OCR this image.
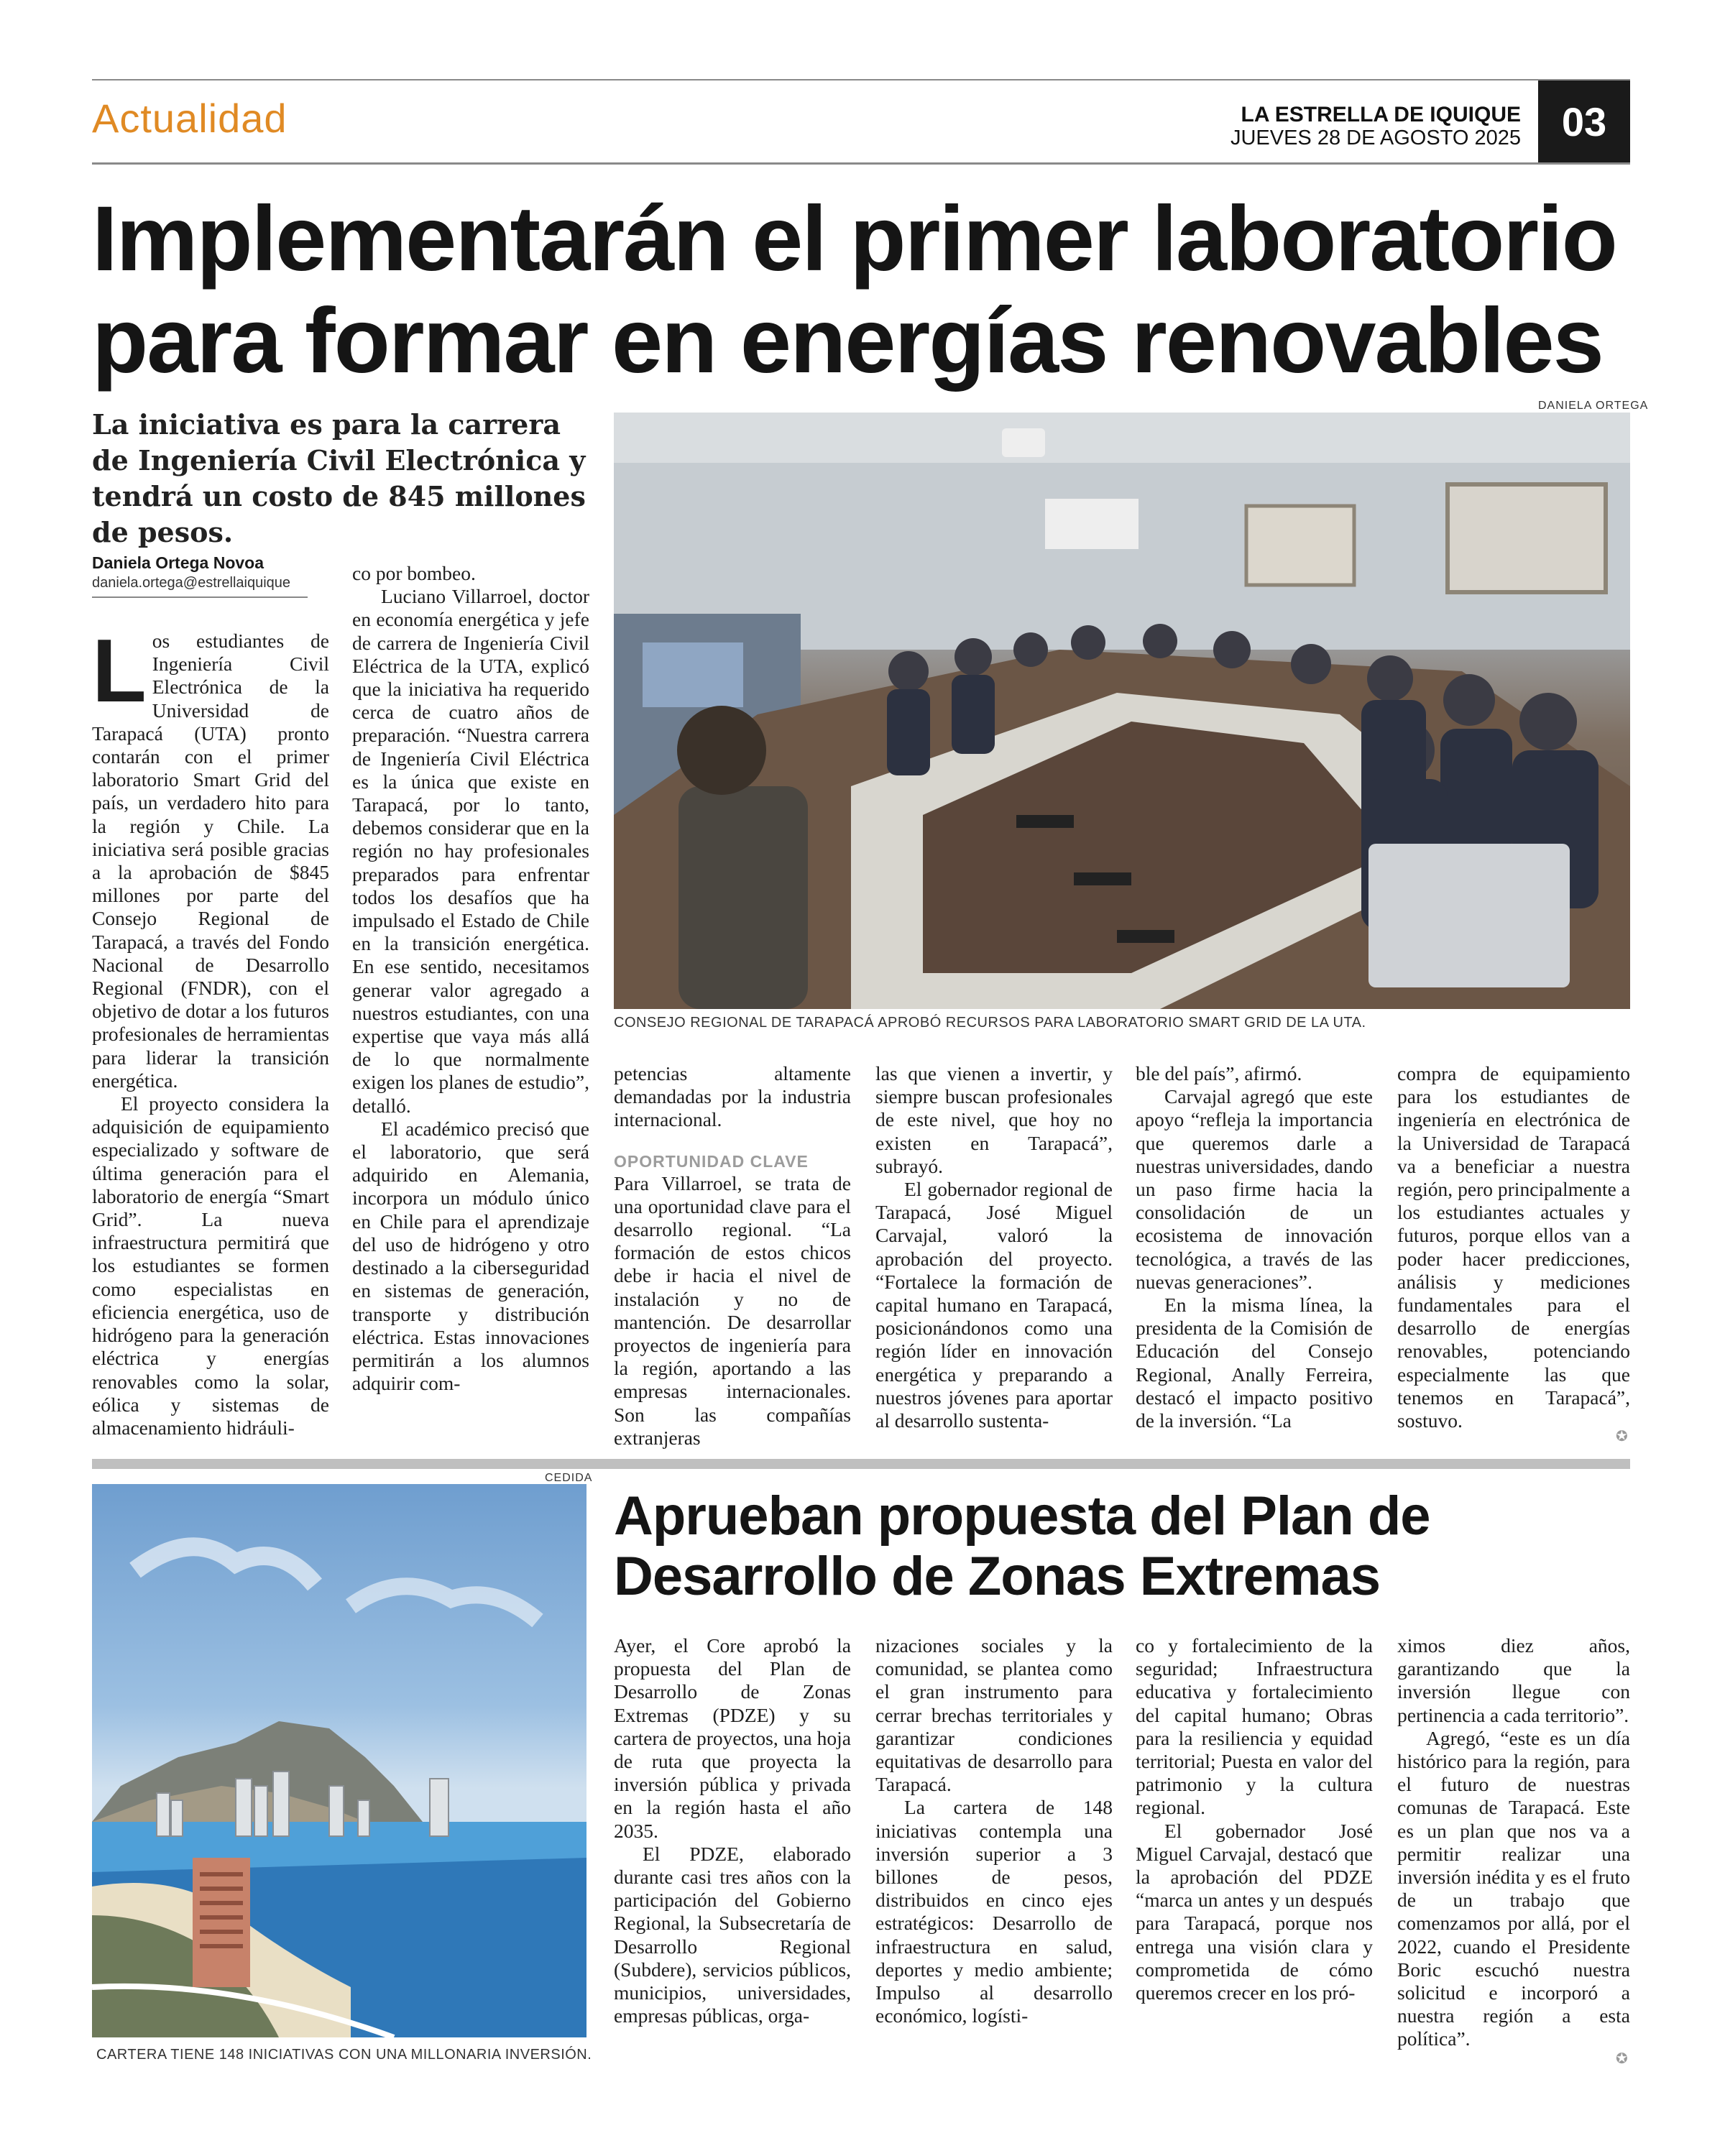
Actualidad	LA ESTRELLA DE IQUIQUE
JUEVES 28 DE AGOSTO 2025	03
Implementarán el primer laboratorio
para formar en energías renovables
La iniciativa es para la carrera de Ingeniería Civil Electrónica y tendrá un costo de 845 millones de pesos.
Daniela Ortega Novoa
daniela.ortega@estrellaiquique
DANIELA ORTEGA
CONSEJO REGIONAL DE TARAPACÁ APROBÓ RECURSOS PARA LABORATORIO SMART GRID DE LA UTA.

Los estudiantes de Ingeniería Civil Electrónica de la Universidad de Tarapacá (UTA) pronto contarán con el primer laboratorio Smart Grid del país, un verdadero hito para la región y Chile. La iniciativa será posible gracias a la aprobación de $845 millones por parte del Consejo Regional de Tarapacá, a través del Fondo Nacional de Desarrollo Regional (FNDR), con el objetivo de dotar a los futuros profesionales de herramientas para liderar la transición energética.

El proyecto considera la adquisición de equipamiento especializado y software de última generación para el laboratorio de energía “Smart Grid”. La nueva infraestructura permitirá que los estudiantes se formen como especialistas en eficiencia energética, uso de hidrógeno para la generación eléctrica y energías renovables como la solar, eólica y sistemas de almacenamiento hidráuli-

co por bombeo.

Luciano Villarroel, doctor en economía energética y jefe de carrera de Ingeniería Civil Eléctrica de la UTA, explicó que la iniciativa ha requerido cerca de cuatro años de preparación. “Nuestra carrera de Ingeniería Civil Eléctrica es la única que existe en Tarapacá, por lo tanto, debemos considerar que en la región no hay profesionales preparados para enfrentar todos los desafíos que ha impulsado el Estado de Chile en la transición energética. En ese sentido, necesitamos generar valor agregado a nuestros estudiantes, con una expertise que vaya más allá de lo que normalmente exigen los planes de estudio”, detalló.

El académico precisó que el laboratorio, que será adquirido en Alemania, incorpora un módulo único en Chile para el aprendizaje del uso de hidrógeno y otro destinado a la ciberseguridad en sistemas de generación, transporte y distribución eléctrica. Estas innovaciones permitirán a los alumnos adquirir com-

petencias altamente demandadas por la industria internacional.

OPORTUNIDAD CLAVE

Para Villarroel, se trata de una oportunidad clave para el desarrollo regional. “La formación de estos chicos debe ir hacia el nivel de instalación y no de mantención. De desarrollar proyectos de ingeniería para la región, aportando a las empresas internacionales. Son las compañías extranjeras

las que vienen a invertir, y siempre buscan profesionales de este nivel, que hoy no existen en Tarapacá”, subrayó.

El gobernador regional de Tarapacá, José Miguel Carvajal, valoró la aprobación del proyecto. “Fortalece la formación de capital humano en Tarapacá, posicionándonos como una región líder en innovación energética y preparando a nuestros jóvenes para aportar al desarrollo sustenta-

ble del país”, afirmó.

Carvajal agregó que este apoyo “refleja la importancia que queremos darle a nuestras universidades, dando un paso firme hacia la consolidación de un ecosistema de innovación tecnológica, a través de las nuevas generaciones”.

En la misma línea, la presidenta de la Comisión de Educación del Consejo Regional, Anally Ferreira, destacó el impacto positivo de la inversión. “La

compra de equipamiento para los estudiantes de ingeniería en electrónica de la Universidad de Tarapacá va a beneficiar a nuestra región, pero principalmente a los estudiantes actuales y futuros, porque ellos van a poder hacer predicciones, análisis y mediciones fundamentales para el desarrollo de energías renovables, potenciando especialmente las que tenemos en Tarapacá”, sostuvo.

✪
CEDIDA
CARTERA TIENE 148 INICIATIVAS CON UNA MILLONARIA INVERSIÓN.
Aprueban propuesta del Plan de
Desarrollo de Zonas Extremas

Ayer, el Core aprobó la propuesta del Plan de Desarrollo de Zonas Extremas (PDZE) y su cartera de proyectos, una hoja de ruta que proyecta la inversión pública y privada en la región hasta el año 2035.

El PDZE, elaborado durante casi tres años con la participación del Gobierno Regional, la Subsecretaría de Desarrollo Regional (Subdere), servicios públicos, municipios, universidades, empresas públicas, orga-

nizaciones sociales y la comunidad, se plantea como el gran instrumento para cerrar brechas territoriales y garantizar condiciones equitativas de desarrollo para Tarapacá.

La cartera de 148 iniciativas contempla una inversión superior a 3 billones de pesos, distribuidos en cinco ejes estratégicos: Desarrollo de infraestructura en salud, deportes y medio ambiente; Impulso al desarrollo económico, logísti-

co y fortalecimiento de la seguridad; Infraestructura educativa y fortalecimiento del capital humano; Obras para la resiliencia y equidad territorial; Puesta en valor del patrimonio y la cultura regional.

El gobernador José Miguel Carvajal, destacó que la aprobación del PDZE “marca un antes y un después para Tarapacá, porque nos entrega una visión clara y comprometida de cómo queremos crecer en los pró-

ximos diez años, garantizando que la inversión llegue con pertinencia a cada territorio”.

Agregó, “este es un día histórico para la región, para el futuro de nuestras comunas de Tarapacá. Este es un plan que nos va a permitir realizar una inversión inédita y es el fruto de un trabajo que comenzamos por allá, por el 2022, cuando el Presidente Boric escuchó nuestra solicitud e incorporó a nuestra región a esta política”.

✪
